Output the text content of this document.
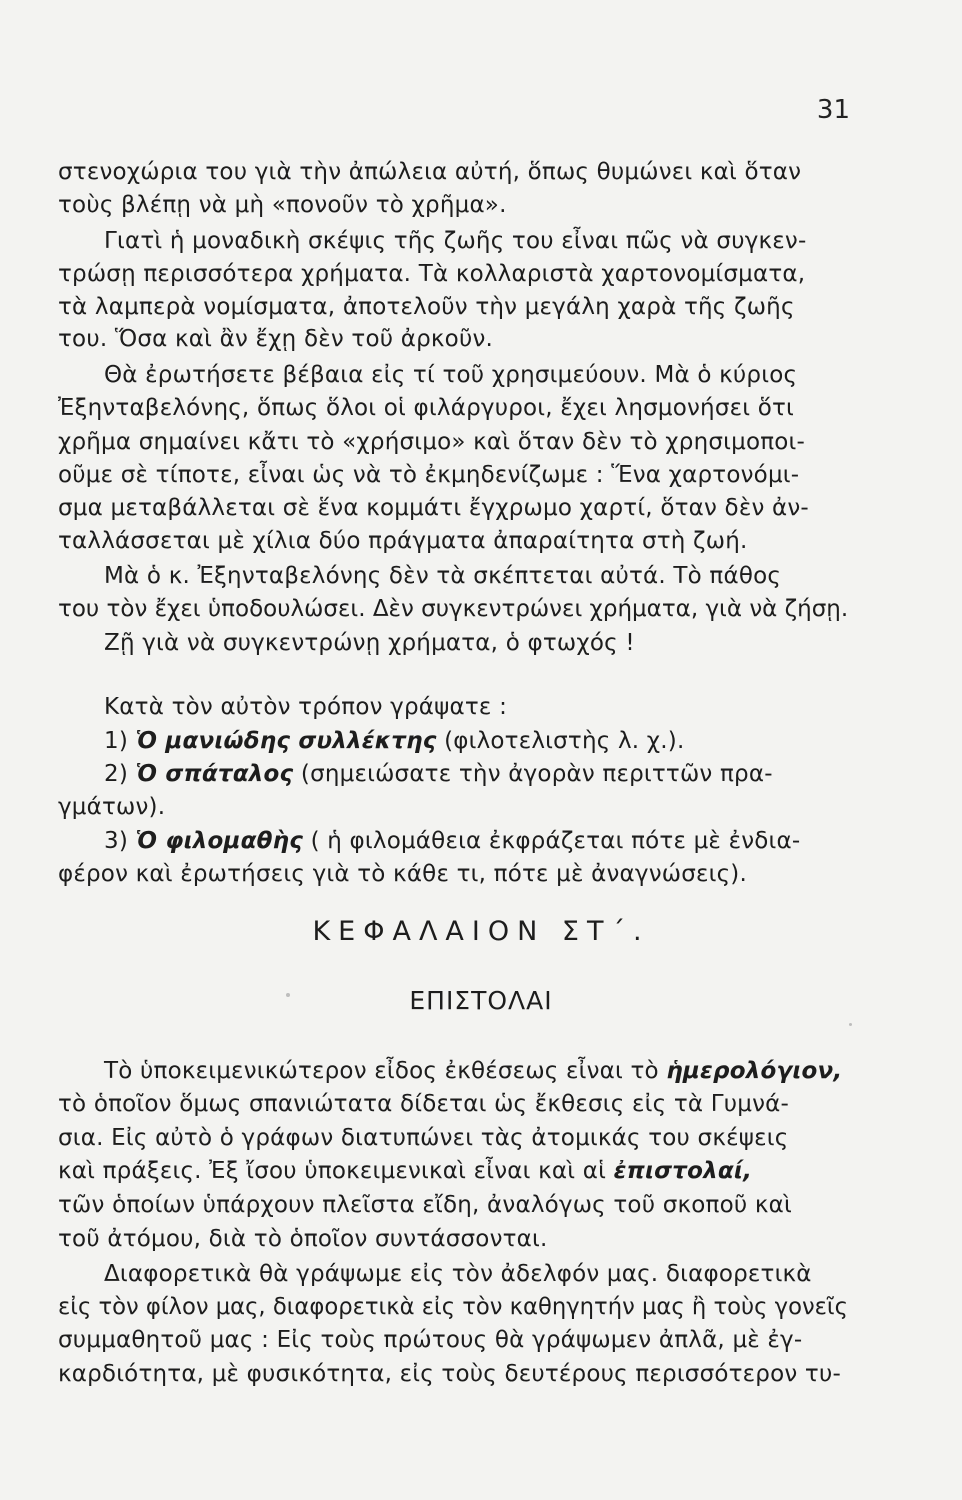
31
στενοχώρια του γιὰ τὴν ἀπώλεια αὐτή, ὅπως θυμώνει καὶ ὅταν
τοὺς βλέπῃ νὰ μὴ «πονοῦν τὸ χρῆμα».
Γιατὶ ἡ μοναδικὴ σκέψις τῆς ζωῆς του εἶναι πῶς νὰ συγκεν-
τρώσῃ περισσότερα χρήματα. Τὰ κολλαριστὰ χαρτονομίσματα,
τὰ λαμπερὰ νομίσματα, ἀποτελοῦν τὴν μεγάλη χαρὰ τῆς ζωῆς
του. Ὅσα καὶ ἂν ἔχῃ δὲν τοῦ ἀρκοῦν.
Θὰ ἐρωτήσετε βέβαια εἰς τί τοῦ χρησιμεύουν. Μὰ ὁ κύριος
Ἐξηνταβελόνης, ὅπως ὅλοι οἱ φιλάργυροι, ἔχει λησμονήσει ὅτι
χρῆμα σημαίνει κἄτι τὸ «χρήσιμο» καὶ ὅταν δὲν τὸ χρησιμοποι-
οῦμε σὲ τίποτε, εἶναι ὡς νὰ τὸ ἐκμηδενίζωμε : Ἕνα χαρτονόμι-
σμα μεταβάλλεται σὲ ἕνα κομμάτι ἔγχρωμο χαρτί, ὅταν δὲν ἀν-
ταλλάσσεται μὲ χίλια δύο πράγματα ἀπαραίτητα στὴ ζωή.
Μὰ ὁ κ. Ἐξηνταβελόνης δὲν τὰ σκέπτεται αὐτά. Τὸ πάθος
του τὸν ἔχει ὑποδουλώσει. Δὲν συγκεντρώνει χρήματα, γιὰ νὰ ζήσῃ.
Ζῇ γιὰ νὰ συγκεντρώνῃ χρήματα, ὁ φτωχός !
Κατὰ τὸν αὐτὸν τρόπον γράψατε :
1) Ὁ μανιώδης συλλέκτης (φιλοτελιστὴς λ. χ.).
2) Ὁ σπάταλος (σημειώσατε τὴν ἀγορὰν περιττῶν πρα-
γμάτων).
3) Ὁ φιλομαθὴς ( ἡ φιλομάθεια ἐκφράζεται πότε μὲ ἐνδια-
φέρον καὶ ἐρωτήσεις γιὰ τὸ κάθε τι, πότε μὲ ἀναγνώσεις).
ΚΕΦΑΛΑΙΟΝ ΣΤ΄.
ΕΠΙΣΤΟΛΑΙ
Τὸ ὑποκειμενικώτερον εἶδος ἐκθέσεως εἶναι τὸ ἡμερολόγιον,
τὸ ὁποῖον ὅμως σπανιώτατα δίδεται ὡς ἔκθεσις εἰς τὰ Γυμνά-
σια. Εἰς αὐτὸ ὁ γράφων διατυπώνει τὰς ἀτομικάς του σκέψεις
καὶ πράξεις. Ἐξ ἴσου ὑποκειμενικαὶ εἶναι καὶ αἱ ἐπιστολαί,
τῶν ὁποίων ὑπάρχουν πλεῖστα εἴδη, ἀναλόγως τοῦ σκοποῦ καὶ
τοῦ ἀτόμου, διὰ τὸ ὁποῖον συντάσσονται.
Διαφορετικὰ θὰ γράψωμε εἰς τὸν ἀδελφόν μας. διαφορετικὰ
εἰς τὸν φίλον μας, διαφορετικὰ εἰς τὸν καθηγητήν μας ἢ τοὺς γονεῖς
συμμαθητοῦ μας : Εἰς τοὺς πρώτους θὰ γράψωμεν ἀπλᾶ, μὲ ἐγ-
καρδιότητα, μὲ φυσικότητα, εἰς τοὺς δευτέρους περισσότερον τυ-
